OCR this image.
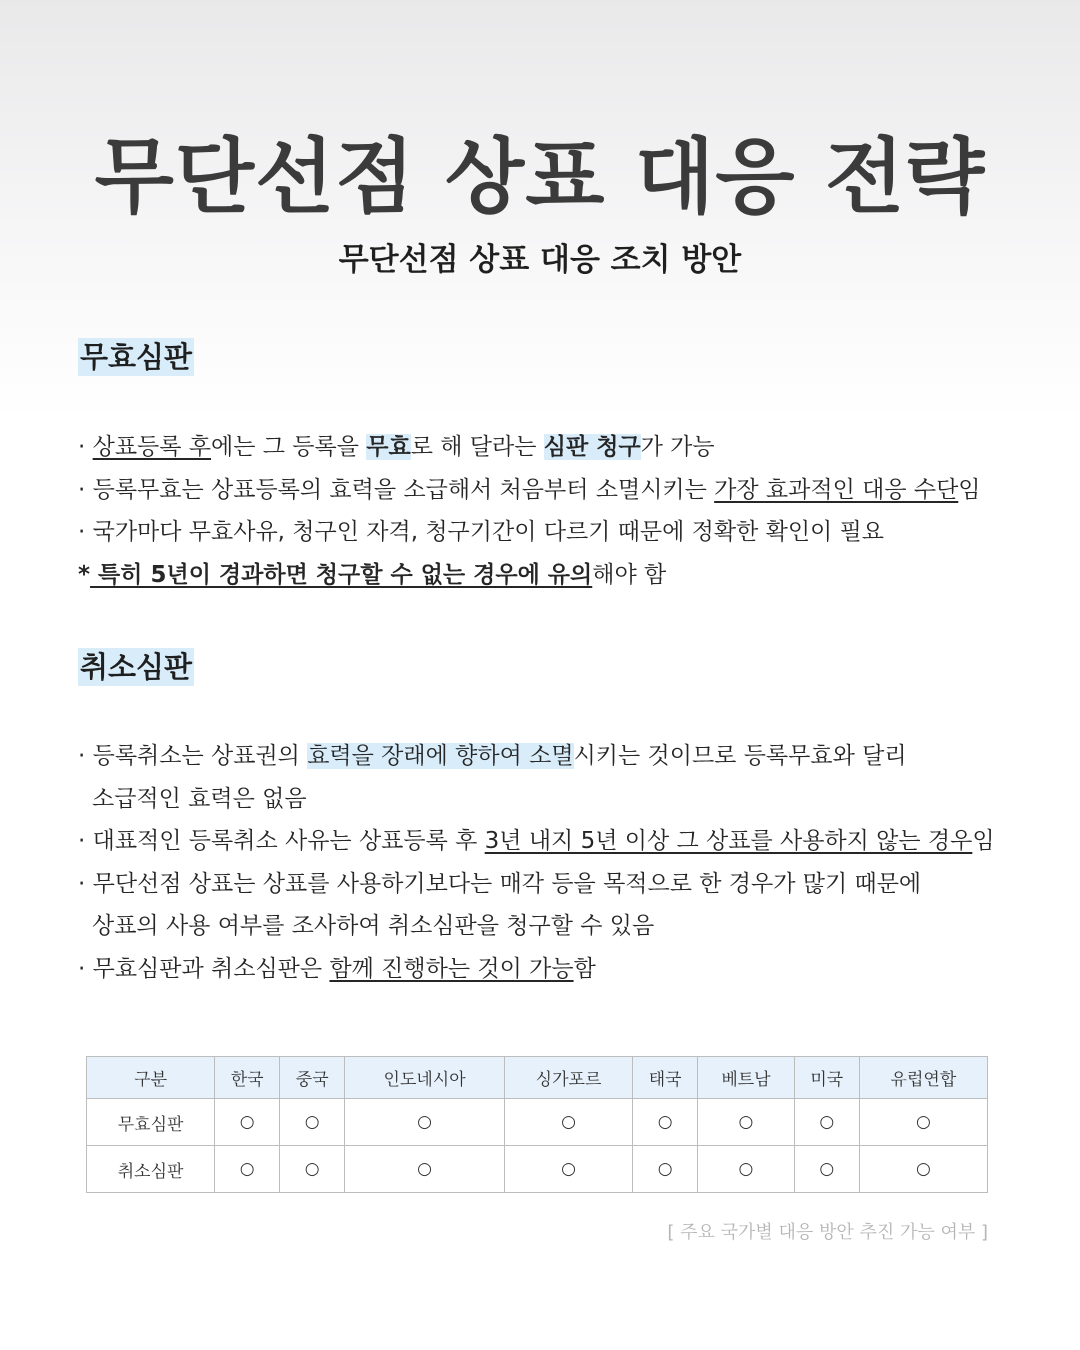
무단선점 상표 대응 전략
무단선점 상표 대응 조치 방안
무효심판
· 상표등록 후에는 그 등록을 무효로 해 달라는 심판 청구가 가능
· 등록무효는 상표등록의 효력을 소급해서 처음부터 소멸시키는 가장 효과적인 대응 수단임
· 국가마다 무효사유, 청구인 자격, 청구기간이 다르기 때문에 정확한 확인이 필요
* 특히 5년이 경과하면 청구할 수 없는 경우에 유의해야 함
취소심판
· 등록취소는 상표권의 효력을 장래에 향하여 소멸시키는 것이므로 등록무효와 달리
소급적인 효력은 없음
· 대표적인 등록취소 사유는 상표등록 후 3년 내지 5년 이상 그 상표를 사용하지 않는 경우임
· 무단선점 상표는 상표를 사용하기보다는 매각 등을 목적으로 한 경우가 많기 때문에
상표의 사용 여부를 조사하여 취소심판을 청구할 수 있음
· 무효심판과 취소심판은 함께 진행하는 것이 가능함
구분	한국	중국	인도네시아	싱가포르	태국	베트남	미국	유럽연합
무효심판	○	○	○	○	○	○	○	○
취소심판	○	○	○	○	○	○	○	○

[ 주요 국가별 대응 방안 추진 가능 여부 ]
